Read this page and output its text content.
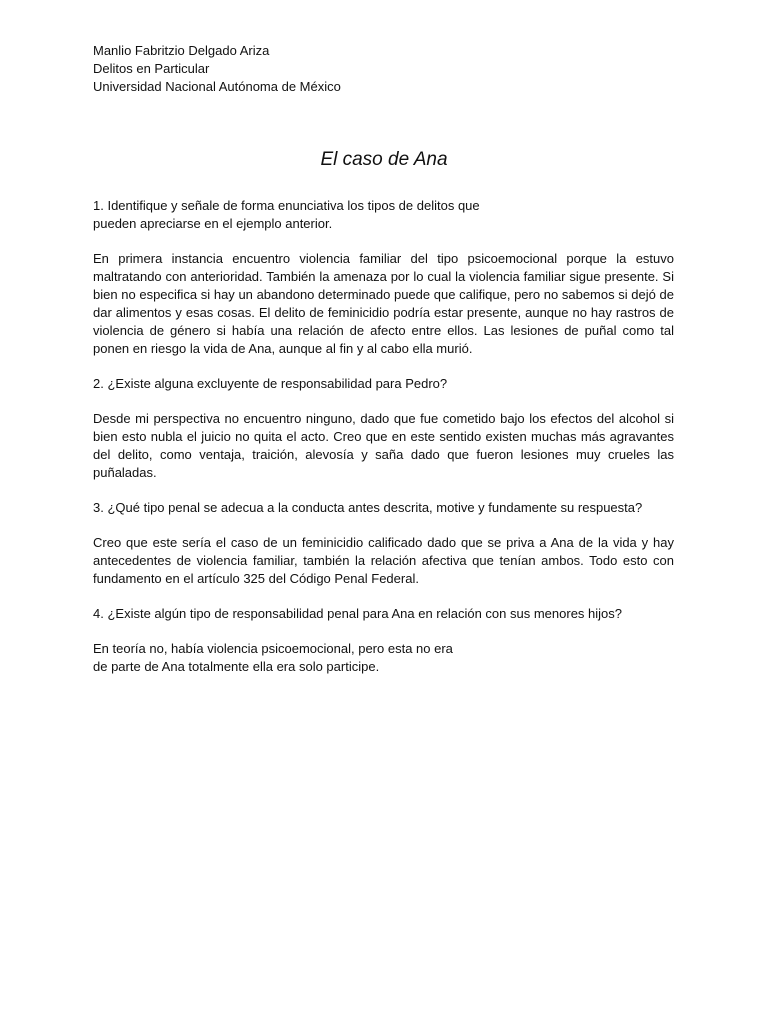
Manlio Fabritzio Delgado Ariza
Delitos en Particular
Universidad Nacional Autónoma de México
El caso de Ana

1. Identifique y señale de forma enunciativa los tipos de delitos que
pueden apreciarse en el ejemplo anterior.

En primera instancia encuentro violencia familiar del tipo psicoemocional porque la estuvo maltratando con anterioridad. También la amenaza por lo cual la violencia familiar sigue presente. Si bien no especifica si hay un abandono determinado puede que califique, pero no sabemos si dejó de dar alimentos y esas cosas. El delito de feminicidio podría estar presente, aunque no hay rastros de violencia de género si había una relación de afecto entre ellos. Las lesiones de puñal como tal ponen en riesgo la vida de Ana, aunque al fin y al cabo ella murió.

2. ¿Existe alguna excluyente de responsabilidad para Pedro?

Desde mi perspectiva no encuentro ninguno, dado que fue cometido bajo los efectos del alcohol si bien esto nubla el juicio no quita el acto. Creo que en este sentido existen muchas más agravantes del delito, como ventaja, traición, alevosía y saña dado que fueron lesiones muy crueles las puñaladas.

3. ¿Qué tipo penal se adecua a la conducta antes descrita, motive y fundamente su respuesta?

Creo que este sería el caso de un feminicidio calificado dado que se priva a Ana de la vida y hay antecedentes de violencia familiar, también la relación afectiva que tenían ambos. Todo esto con fundamento en el artículo 325 del Código Penal Federal.

4. ¿Existe algún tipo de responsabilidad penal para Ana en relación con sus menores hijos?

En teoría no, había violencia psicoemocional, pero esta no era
de parte de Ana totalmente ella era solo participe.
